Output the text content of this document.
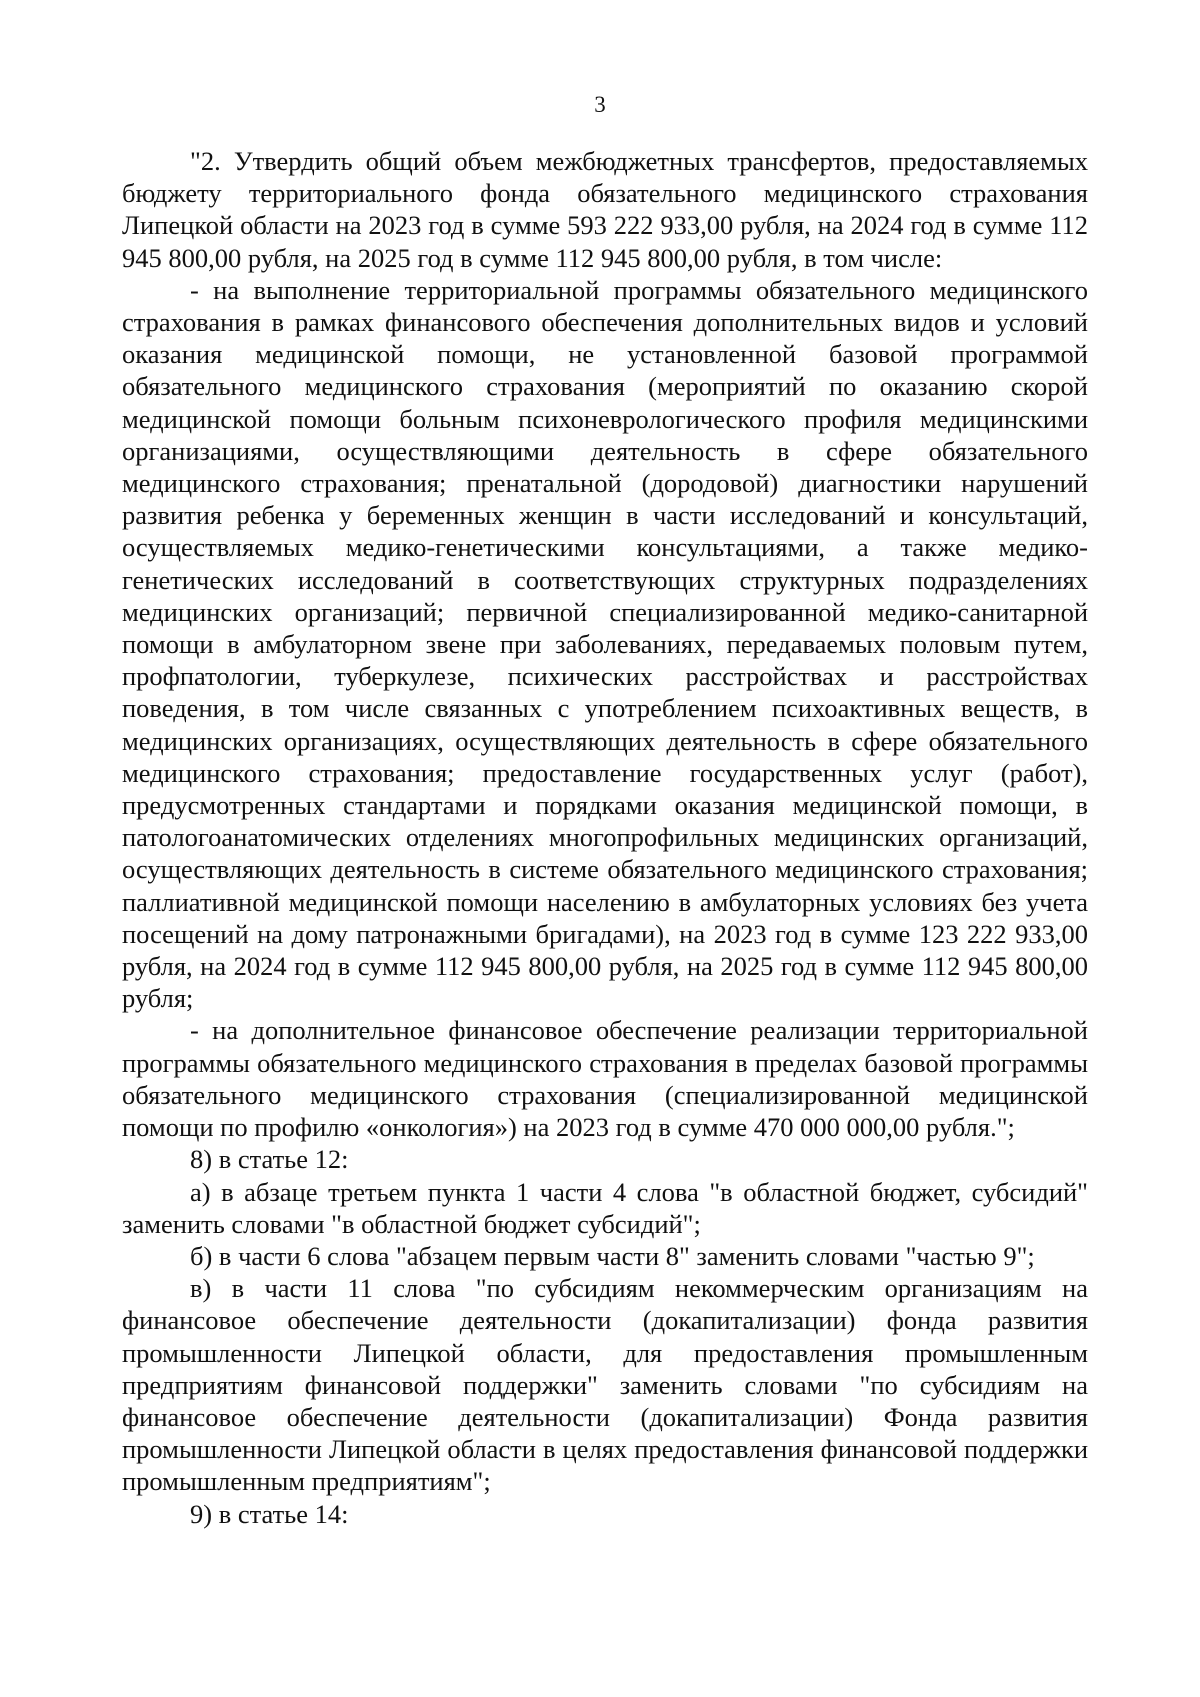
3

"2. Утвердить общий объем межбюджетных трансфертов, предоставляемых бюджету территориального фонда обязательного медицинского страхования Липецкой области на 2023 год в сумме 593 222 933,00 рубля, на 2024 год в сумме 112 945 800,00 рубля, на 2025 год в сумме 112 945 800,00 рубля, в том числе:

- на выполнение территориальной программы обязательного медицинского страхования в рамках финансового обеспечения дополнительных видов и условий оказания медицинской помощи, не установленной базовой программой обязательного медицинского страхования (мероприятий по оказанию скорой медицинской помощи больным психоневрологического профиля медицинскими организациями, осуществляющими деятельность в сфере обязательного медицинского страхования; пренатальной (дородовой) диагностики нарушений развития ребенка у беременных женщин в части исследований и консультаций, осуществляемых медико-генетическими консультациями, а также медико-генетических исследований в соответствующих структурных подразделениях медицинских организаций; первичной специализированной медико-санитарной помощи в амбулаторном звене при заболеваниях, передаваемых половым путем, профпатологии, туберкулезе, психических расстройствах и расстройствах поведения, в том числе связанных с употреблением психоактивных веществ, в медицинских организациях, осуществляющих деятельность в сфере обязательного медицинского страхования; предоставление государственных услуг (работ), предусмотренных стандартами и порядками оказания медицинской помощи, в патологоанатомических отделениях многопрофильных медицинских организаций, осуществляющих деятельность в системе обязательного медицинского страхования; паллиативной медицинской помощи населению в амбулаторных условиях без учета посещений на дому патронажными бригадами), на 2023 год в сумме 123 222 933,00 рубля, на 2024 год в сумме 112 945 800,00 рубля, на 2025 год в сумме 112 945 800,00 рубля;

- на дополнительное финансовое обеспечение реализации территориальной программы обязательного медицинского страхования в пределах базовой программы обязательного медицинского страхования (специализированной медицинской помощи по профилю «онкология») на 2023 год в сумме 470 000 000,00 рубля.";

8) в статье 12:

а) в абзаце третьем пункта 1 части 4 слова "в областной бюджет, субсидий" заменить словами "в областной бюджет субсидий";

б) в части 6 слова "абзацем первым части 8" заменить словами "частью 9";

в) в части 11 слова "по субсидиям некоммерческим организациям на финансовое обеспечение деятельности (докапитализации) фонда развития промышленности Липецкой области, для предоставления промышленным предприятиям финансовой поддержки" заменить словами "по субсидиям на финансовое обеспечение деятельности (докапитализации) Фонда развития промышленности Липецкой области в целях предоставления финансовой поддержки промышленным предприятиям";

9) в статье 14:
